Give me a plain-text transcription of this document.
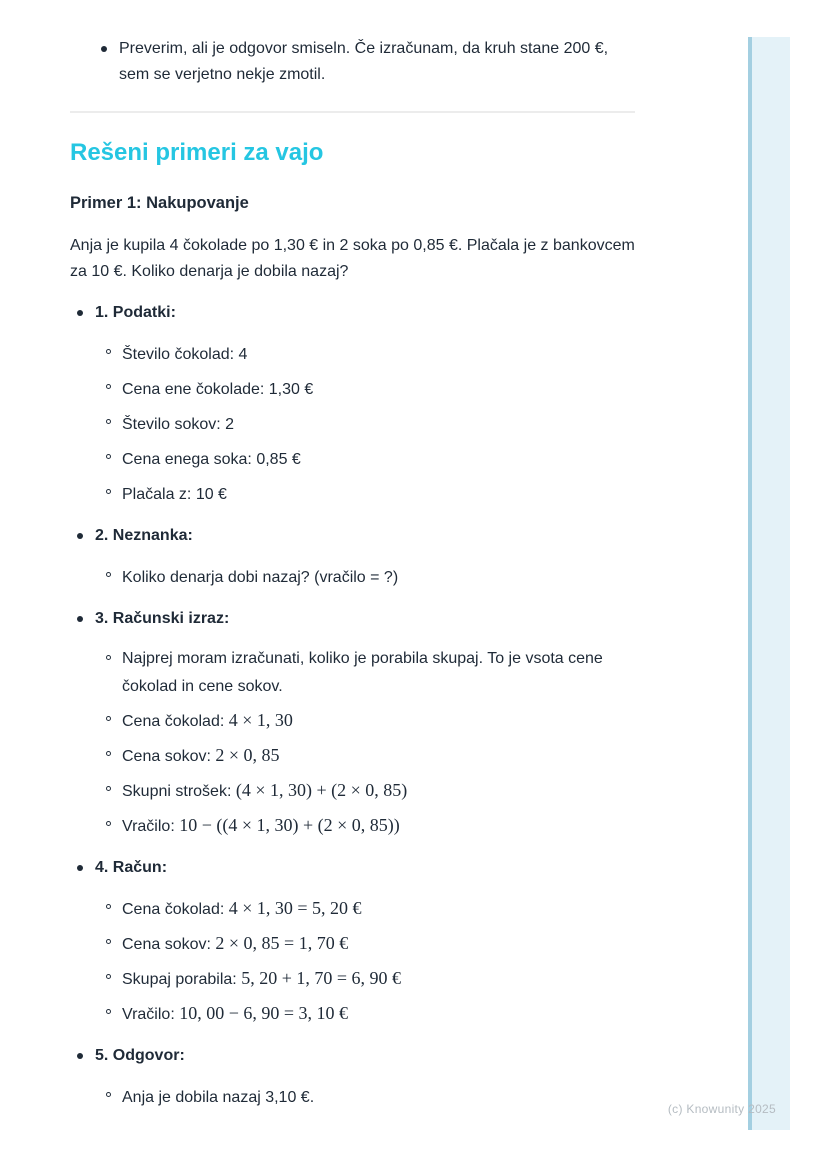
Preverim, ali je odgovor smiseln. Če izračunam, da kruh stane 200 €, sem se verjetno nekje zmotil.
Rešeni primeri za vajo
Primer 1: Nakupovanje

Anja je kupila 4 čokolade po 1,30 € in 2 soka po 0,85 €. Plačala je z bankovcem za 10 €. Koliko denarja je dobila nazaj?

1. Podatki:
Število čokolad: 4
Cena ene čokolade: 1,30 €
Število sokov: 2
Cena enega soka: 0,85 €
Plačala z: 10 €
2. Neznanka:
Koliko denarja dobi nazaj? (vračilo = ?)
3. Računski izraz:
Najprej moram izračunati, koliko je porabila skupaj. To je vsota cene čokolad in cene sokov.
Cena čokolad: 4 × 1, 30
Cena sokov: 2 × 0, 85
Skupni strošek: (4 × 1, 30) + (2 × 0, 85)
Vračilo: 10 − ((4 × 1, 30) + (2 × 0, 85))
4. Račun:
Cena čokolad: 4 × 1, 30 = 5, 20 €
Cena sokov: 2 × 0, 85 = 1, 70 €
Skupaj porabila: 5, 20 + 1, 70 = 6, 90 €
Vračilo: 10, 00 − 6, 90 = 3, 10 €
5. Odgovor:
Anja je dobila nazaj 3,10 €.
(c) Knowunity 2025
